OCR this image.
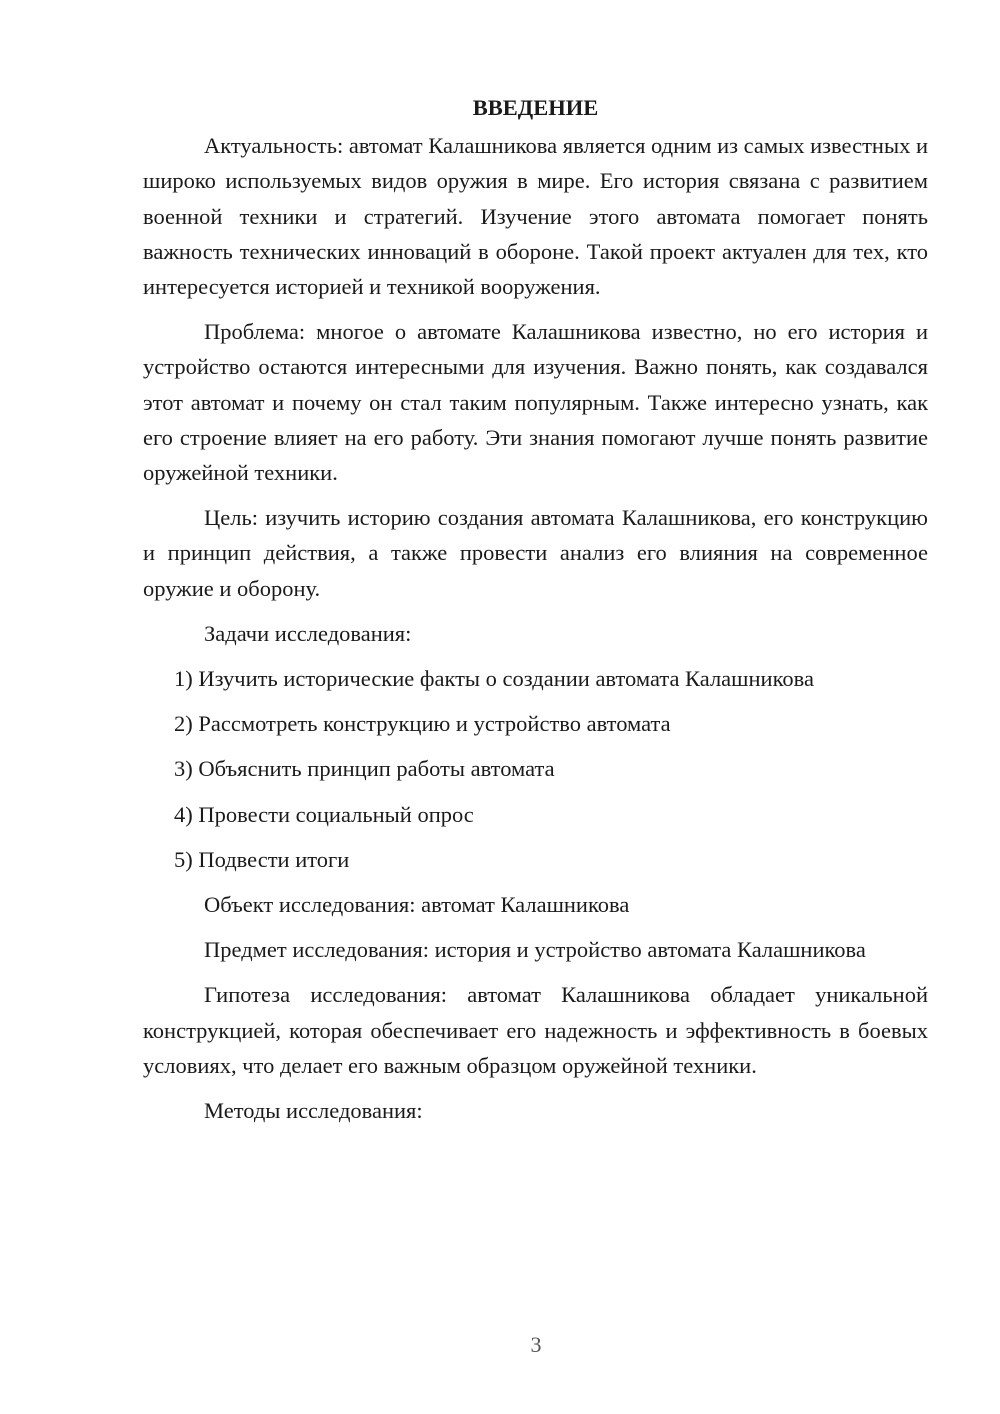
ВВЕДЕНИЕ

Актуальность: автомат Калашникова является одним из самых известных и широко используемых видов оружия в мире. Его история связана с развитием военной техники и стратегий. Изучение этого автомата помогает понять важность технических инноваций в обороне. Такой проект актуален для тех, кто интересуется историей и техникой вооружения.

Проблема: многое о автомате Калашникова известно, но его история и устройство остаются интересными для изучения. Важно понять, как создавался этот автомат и почему он стал таким популярным. Также интересно узнать, как его строение влияет на его работу. Эти знания помогают лучше понять развитие оружейной техники.

Цель: изучить историю создания автомата Калашникова, его конструкцию и принцип действия, а также провести анализ его влияния на современное оружие и оборону.

Задачи исследования:

1) Изучить исторические факты о создании автомата Калашникова

2) Рассмотреть конструкцию и устройство автомата

3) Объяснить принцип работы автомата

4) Провести социальный опрос

5) Подвести итоги

Объект исследования: автомат Калашникова

Предмет исследования: история и устройство автомата Калашникова

Гипотеза исследования: автомат Калашникова обладает уникальной конструкцией, которая обеспечивает его надежность и эффективность в боевых условиях, что делает его важным образцом оружейной техники.

Методы исследования:

3
